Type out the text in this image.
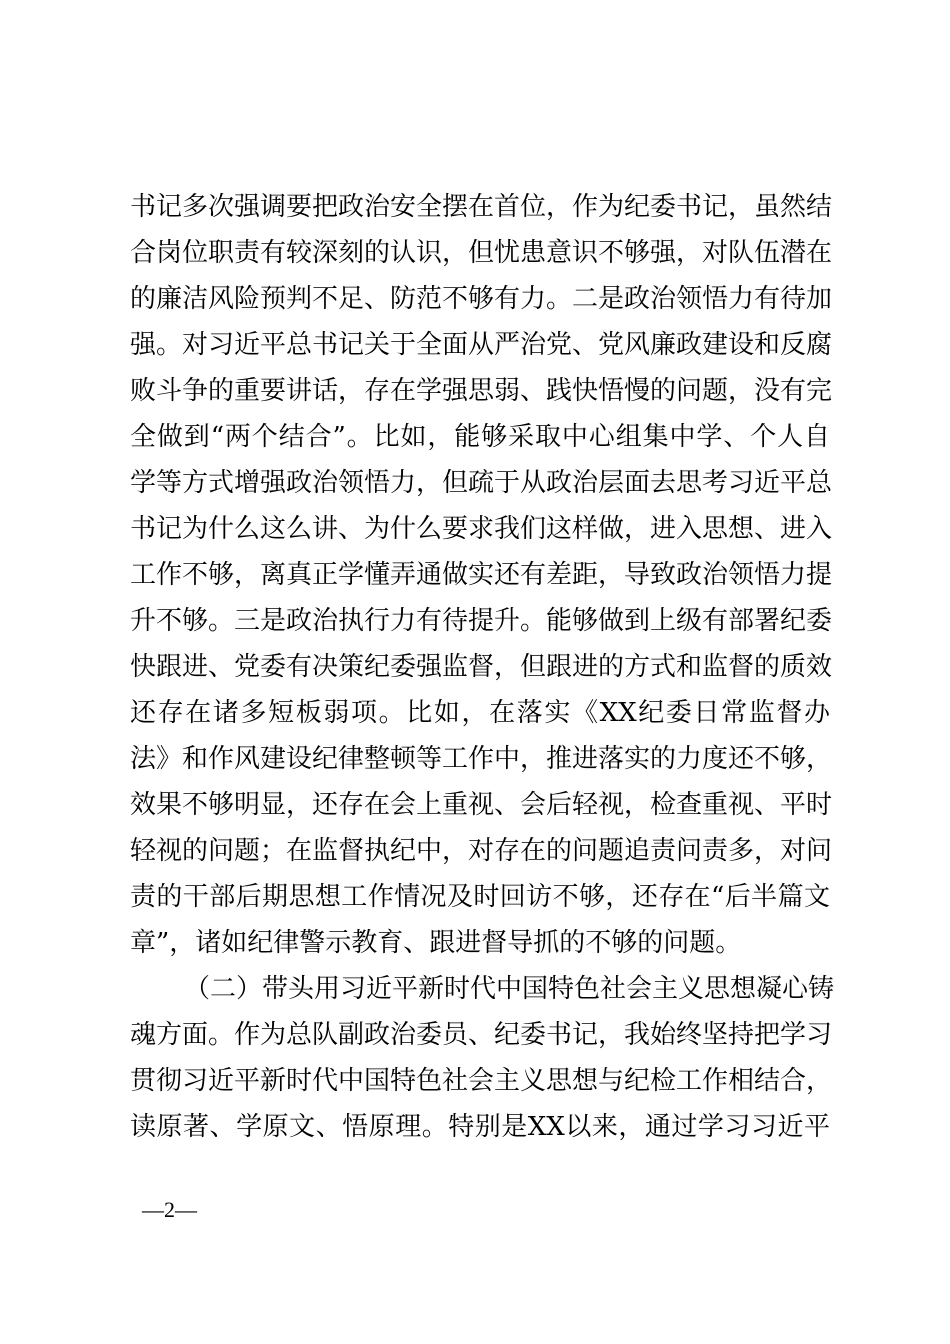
书记多次强调要把政治安全摆在首位，作为纪委书记，虽然结
合岗位职责有较深刻的认识，但忧患意识不够强，对队伍潜在
的廉洁风险预判不足、防范不够有力。二是政治领悟力有待加
强。对习近平总书记关于全面从严治党、党风廉政建设和反腐
败斗争的重要讲话，存在学强思弱、践快悟慢的问题，没有完
全做到“两个结合”。比如，能够采取中心组集中学、个人自
学等方式增强政治领悟力，但疏于从政治层面去思考习近平总
书记为什么这么讲、为什么要求我们这样做，进入思想、进入
工作不够，离真正学懂弄通做实还有差距，导致政治领悟力提
升不够。三是政治执行力有待提升。能够做到上级有部署纪委
快跟进、党委有决策纪委强监督，但跟进的方式和监督的质效
还存在诸多短板弱项。比如，在落实《XX纪委日常监督办
法》和作风建设纪律整顿等工作中，推进落实的力度还不够，
效果不够明显，还存在会上重视、会后轻视，检查重视、平时
轻视的问题；在监督执纪中，对存在的问题追责问责多，对问
责的干部后期思想工作情况及时回访不够，还存在“后半篇文
章”，诸如纪律警示教育、跟进督导抓的不够的问题。
（二）带头用习近平新时代中国特色社会主义思想凝心铸
魂方面。作为总队副政治委员、纪委书记，我始终坚持把学习
贯彻习近平新时代中国特色社会主义思想与纪检工作相结合，
读原著、学原文、悟原理。特别是XX以来，通过学习习近平
—2—
